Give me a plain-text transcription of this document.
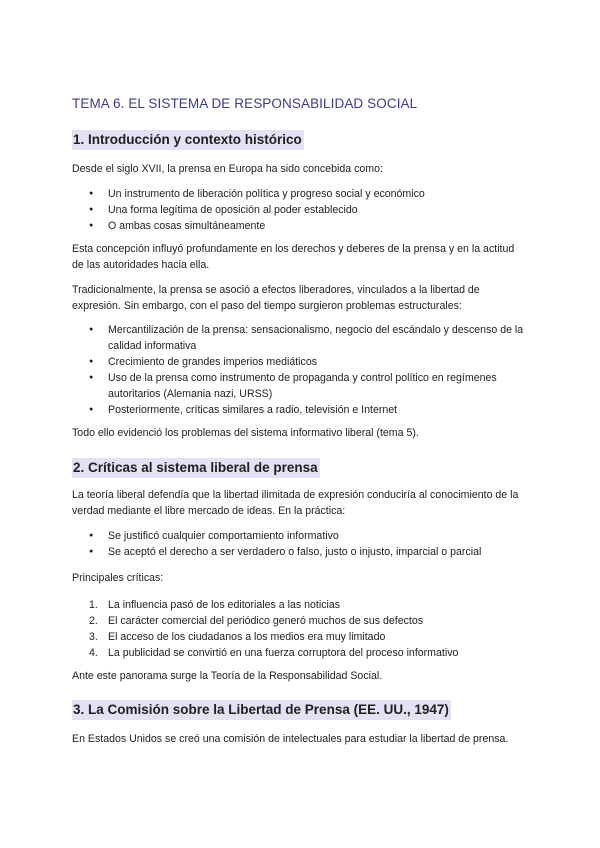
TEMA 6. EL SISTEMA DE RESPONSABILIDAD SOCIAL
1. Introducción y contexto histórico

Desde el siglo XVII, la prensa en Europa ha sido concebida como:

● Un instrumento de liberación política y progreso social y económico
● Una forma legítima de oposición al poder establecido
● O ambas cosas simultáneamente

Esta concepción influyó profundamente en los derechos y deberes de la prensa y en la actitud de las autoridades hacia ella.

Tradicionalmente, la prensa se asoció a efectos liberadores, vinculados a la libertad de expresión. Sin embargo, con el paso del tiempo surgieron problemas estructurales:

● Mercantilización de la prensa: sensacionalismo, negocio del escándalo y descenso de la calidad informativa
● Crecimiento de grandes imperios mediáticos
● Uso de la prensa como instrumento de propaganda y control político en regímenes autoritarios (Alemania nazi, URSS)
● Posteriormente, críticas similares a radio, televisión e Internet

Todo ello evidenció los problemas del sistema informativo liberal (tema 5).

2. Críticas al sistema liberal de prensa

La teoría liberal defendía que la libertad ilimitada de expresión conduciría al conocimiento de la verdad mediante el libre mercado de ideas. En la práctica:

● Se justificó cualquier comportamiento informativo
● Se aceptó el derecho a ser verdadero o falso, justo o injusto, imparcial o parcial

Principales críticas:

1. La influencia pasó de los editoriales a las noticias
2. El carácter comercial del periódico generó muchos de sus defectos
3. El acceso de los ciudadanos a los medios era muy limitado
4. La publicidad se convirtió en una fuerza corruptora del proceso informativo

Ante este panorama surge la Teoría de la Responsabilidad Social.

3. La Comisión sobre la Libertad de Prensa (EE. UU., 1947)

En Estados Unidos se creó una comisión de intelectuales para estudiar la libertad de prensa.
